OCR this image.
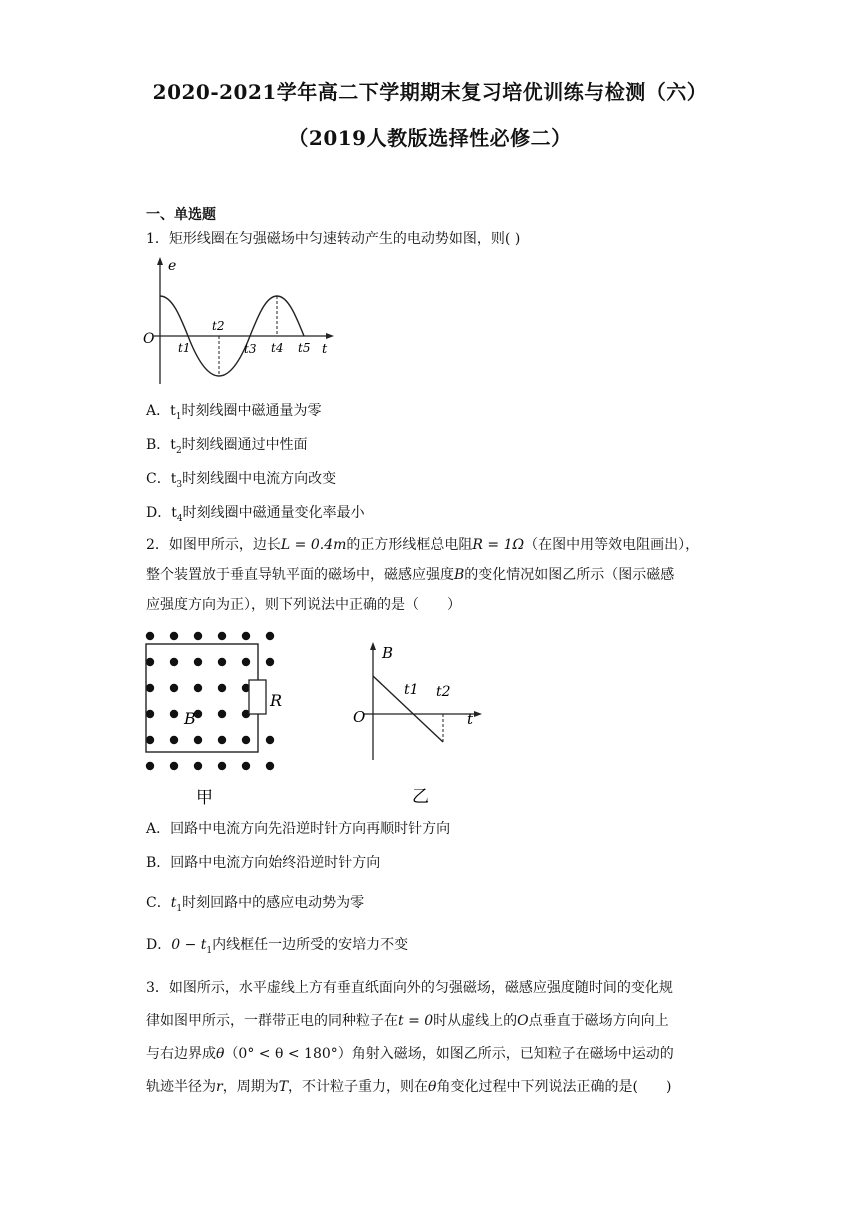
2020-2021学年高二下学期期末复习培优训练与检测（六）
（2019人教版选择性必修二）
一、单选题
1．矩形线圈在匀强磁场中匀速转动产生的电动势如图，则( )
e
O
t
t1
t2
t3 t4 t5
A．$t_1$时刻线圈中磁通量为零
B．$t_2$时刻线圈通过中性面
C．$t_3$时刻线圈中电流方向改变
D．$t_4$时刻线圈中磁通量变化率最小
2．如图甲所示，边长L = 0.4m的正方形线框总电阻R = 1Ω（在图中用等效电阻画出），
整个装置放于垂直导轨平面的磁场中，磁感应强度B的变化情况如图乙所示（图示磁感
应强度方向为正），则下列说法中正确的是（　　）
R
B
甲
B
O	t
t1 t2
乙
A．回路中电流方向先沿逆时针方向再顺时针方向
B．回路中电流方向始终沿逆时针方向
C．$t_1$时刻回路中的感应电动势为零
D．$0 - t_1$内线框任一边所受的安培力不变
3．如图所示，水平虚线上方有垂直纸面向外的匀强磁场，磁感应强度随时间的变化规
律如图甲所示，一群带正电的同种粒子在t = 0时从虚线上的O点垂直于磁场方向向上
与右边界成θ（0° < θ < 180°）角射入磁场，如图乙所示，已知粒子在磁场中运动的
轨迹半径为r，周期为T，不计粒子重力，则在θ角变化过程中下列说法正确的是(　　)
